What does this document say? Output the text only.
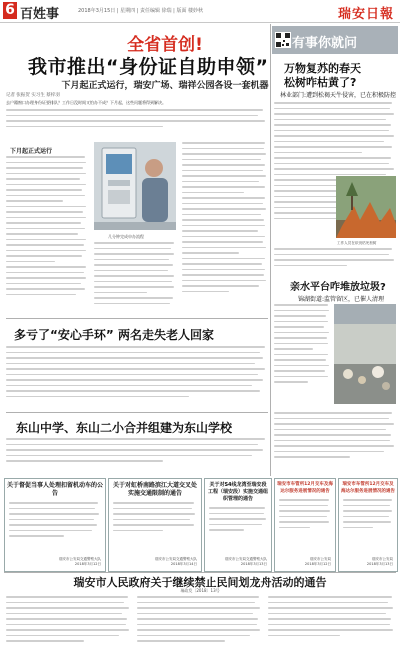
6 百姓事	2018年3月15日 | 星期四 | 责任编辑 徐瑞 | 版面 楼妙秋	瑞安日報
全省首创!
我市推出“身份证自助申领”
下月起正式运行，瑞安广场、瑞祥公园各设一套机器
记者 张振贺 实习生 蔡梓羽
去户籍窗口办理身份证要排队？工作日没时间又怕办不成？下月起，这些问题将得到解决。
下月起正式运行
几分钟完成申办流程
多亏了“安心手环” 两名走失老人回家
东山中学、东山二小合并组建为东山学校
有事你就问
万物复苏的春天
松树咋枯黄了?
林业部门:遭到松褐天牛侵害，已在积极防控
工作人员在砍伐枯死松树
亲水平台咋堆放垃圾?
锦湖街道:监管留区，已催人清理
关于督促当事人处理扣留机动车的公告
瑞安市公安局交通警察大队
2018年3月12日
关于对虹桥南路滨江大道交叉处实施交通限制的通告
瑞安市公安局交通警察大队
2018年3月14日
关于对S4线龙湾至瑞安段工程（瑞安段）实施交通组织管理的通告
瑞安市公安局交通警察大队
2018年3月13日
瑞安市车管所12月交车及海达尔服务进展情况的通告
瑞安市公安局
2018年3月12日
瑞安市车管所12月交车及海达尔服务进展情况的通告
瑞安市公安局
2018年3月13日
瑞安市人民政府关于继续禁止民间划龙舟活动的通告
瑞政发〔2018〕13号
